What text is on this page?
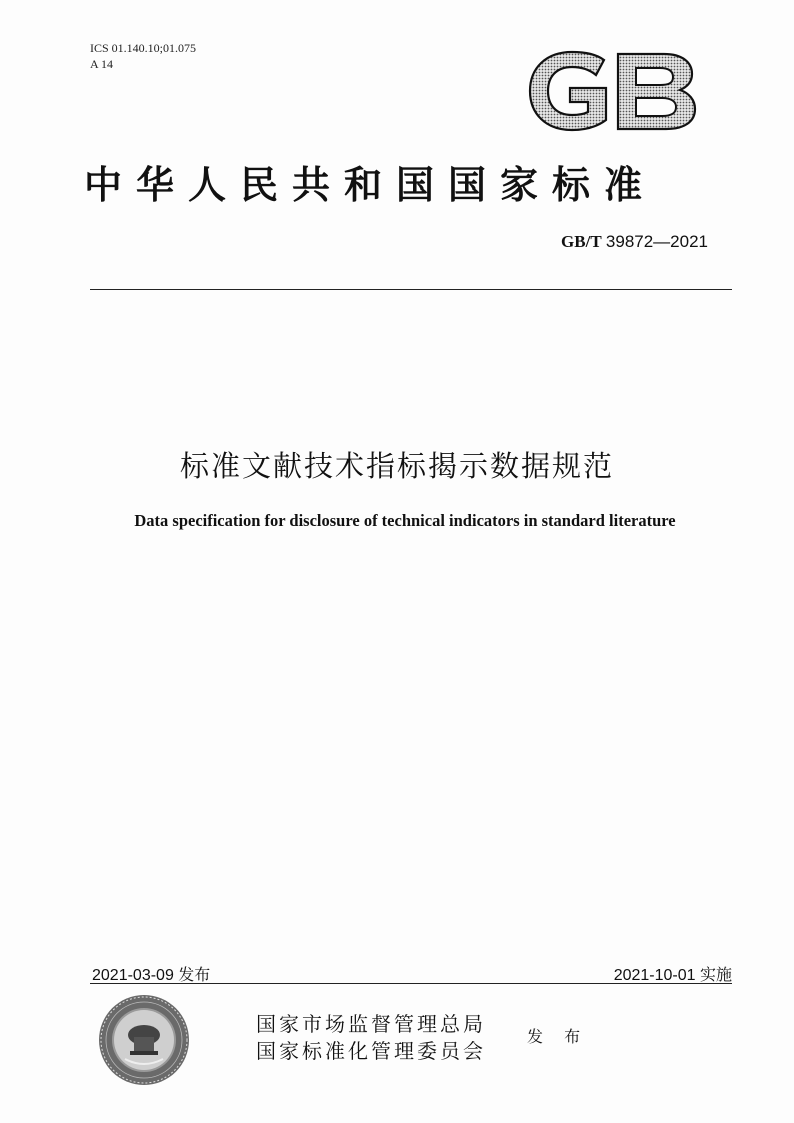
ICS 01.140.10;01.075
A 14
中华人民共和国国家标准
GB/T 39872—2021
标准文献技术指标揭示数据规范
Data specification for disclosure of technical indicators in standard literature
2021-03-09 发布	2021-10-01 实施
国家市场监督管理总局
国家标准化管理委员会
发 布
